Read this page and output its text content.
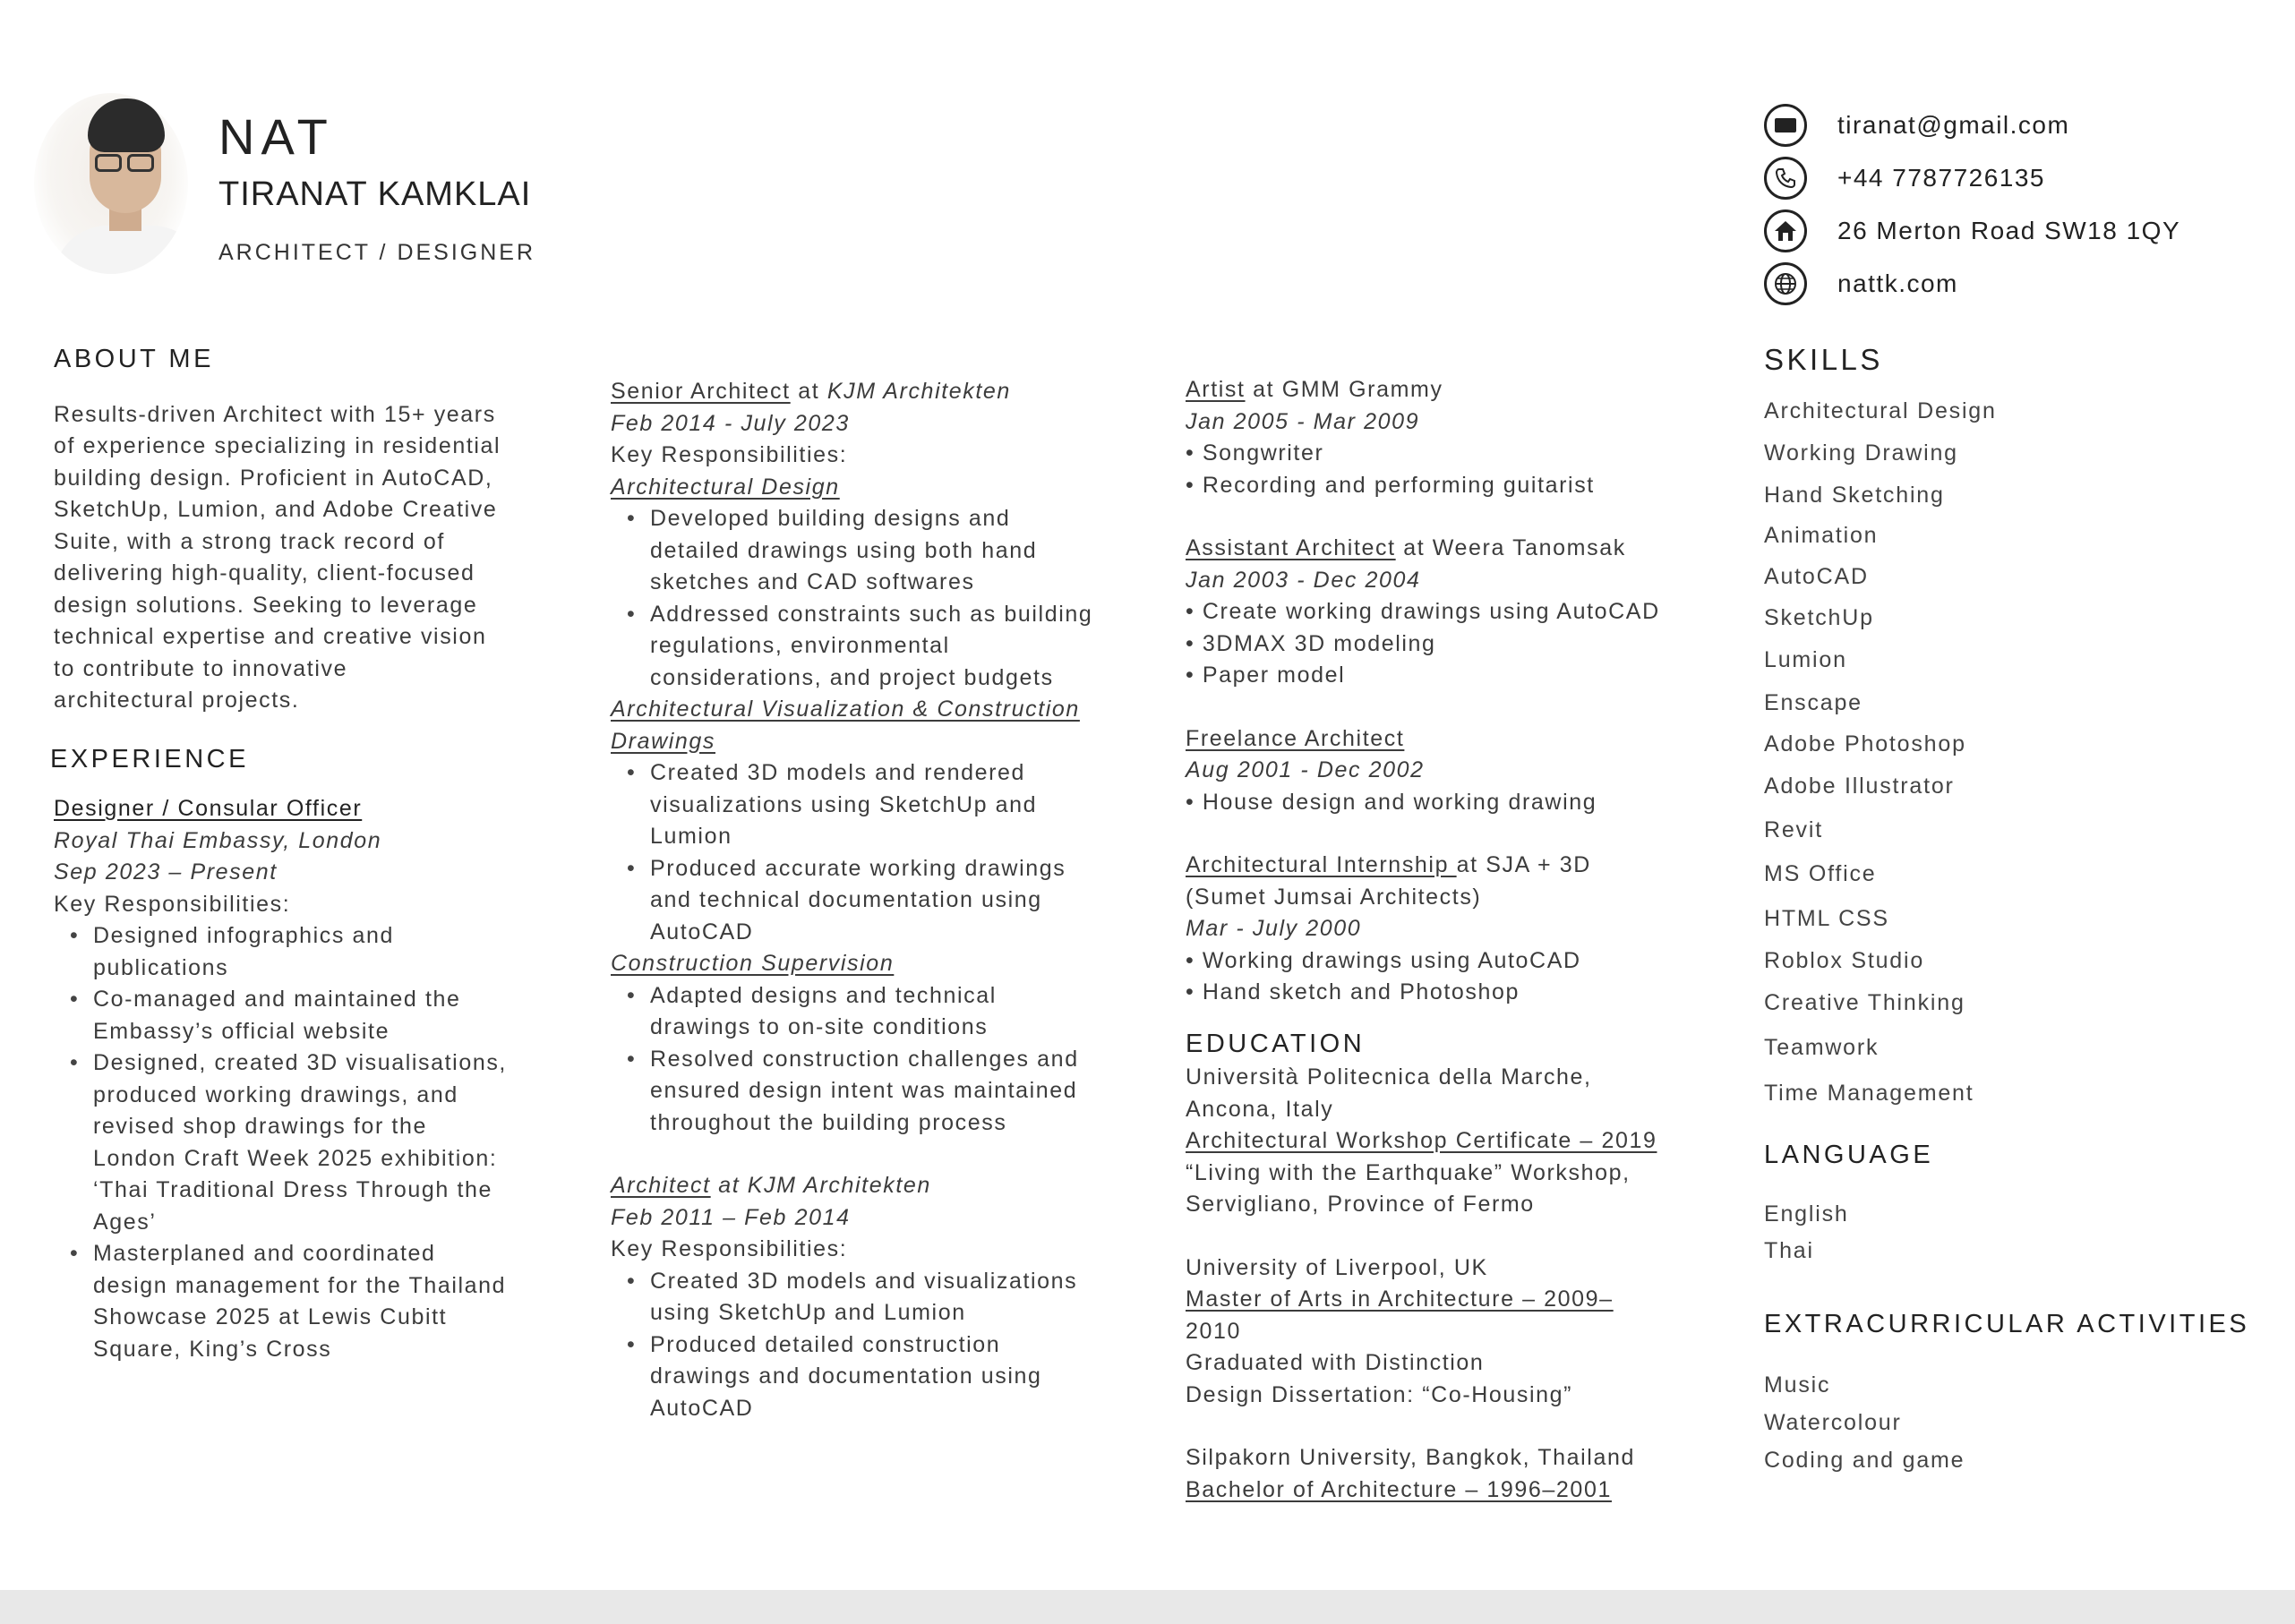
NAT
TIRANAT KAMKLAI
ARCHITECT / DESIGNER
tiranat@gmail.com
+44 7787726135
26 Merton Road SW18 1QY
nattk.com
ABOUT ME
Results-driven Architect with 15+ years
of experience specializing in residential
building design. Proficient in AutoCAD,
SketchUp, Lumion, and Adobe Creative
Suite, with a strong track record of
delivering high-quality, client-focused
design solutions. Seeking to leverage
technical expertise and creative vision
to contribute to innovative
architectural projects.
EXPERIENCE
Designer / Consular Officer
Royal Thai Embassy, London
Sep 2023 – Present
Key Responsibilities:
• Designed infographics and
publications
• Co-managed and maintained the
Embassy’s official website
• Designed, created 3D visualisations,
produced working drawings, and
revised shop drawings for the
London Craft Week 2025 exhibition:
‘Thai Traditional Dress Through the
Ages’
• Masterplaned and coordinated
design management for the Thailand
Showcase 2025 at Lewis Cubitt
Square, King’s Cross
Senior Architect at KJM Architekten
Feb 2014 - July 2023
Key Responsibilities:
Architectural Design
• Developed building designs and
detailed drawings using both hand
sketches and CAD softwares
• Addressed constraints such as building
regulations, environmental
considerations, and project budgets
Architectural Visualization & Construction
Drawings
• Created 3D models and rendered
visualizations using SketchUp and
Lumion
• Produced accurate working drawings
and technical documentation using
AutoCAD
Construction Supervision
• Adapted designs and technical
drawings to on-site conditions
• Resolved construction challenges and
ensured design intent was maintained
throughout the building process
Architect at KJM Architekten
Feb 2011 – Feb 2014
Key Responsibilities:
• Created 3D models and visualizations
using SketchUp and Lumion
• Produced detailed construction
drawings and documentation using
AutoCAD
Artist at GMM Grammy
Jan 2005 - Mar 2009
• Songwriter
• Recording and performing guitarist
Assistant Architect at Weera Tanomsak
Jan 2003 - Dec 2004
• Create working drawings using AutoCAD
• 3DMAX 3D modeling
• Paper model
Freelance Architect
Aug 2001 - Dec 2002
• House design and working drawing
Architectural Internship at SJA + 3D
(Sumet Jumsai Architects)
Mar - July 2000
• Working drawings using AutoCAD
• Hand sketch and Photoshop
EDUCATION
Università Politecnica della Marche,
Ancona, Italy
Architectural Workshop Certificate – 2019
“Living with the Earthquake” Workshop,
Servigliano, Province of Fermo
University of Liverpool, UK
Master of Arts in Architecture – 2009–
2010
Graduated with Distinction
Design Dissertation: “Co-Housing”
Silpakorn University, Bangkok, Thailand
Bachelor of Architecture – 1996–2001
SKILLS
Architectural Design
Working Drawing
Hand Sketching
Animation
AutoCAD
SketchUp
Lumion
Enscape
Adobe Photoshop
Adobe Illustrator
Revit
MS Office
HTML CSS
Roblox Studio
Creative Thinking
Teamwork
Time Management
LANGUAGE
English
Thai
EXTRACURRICULAR ACTIVITIES
Music
Watercolour
Coding and game
